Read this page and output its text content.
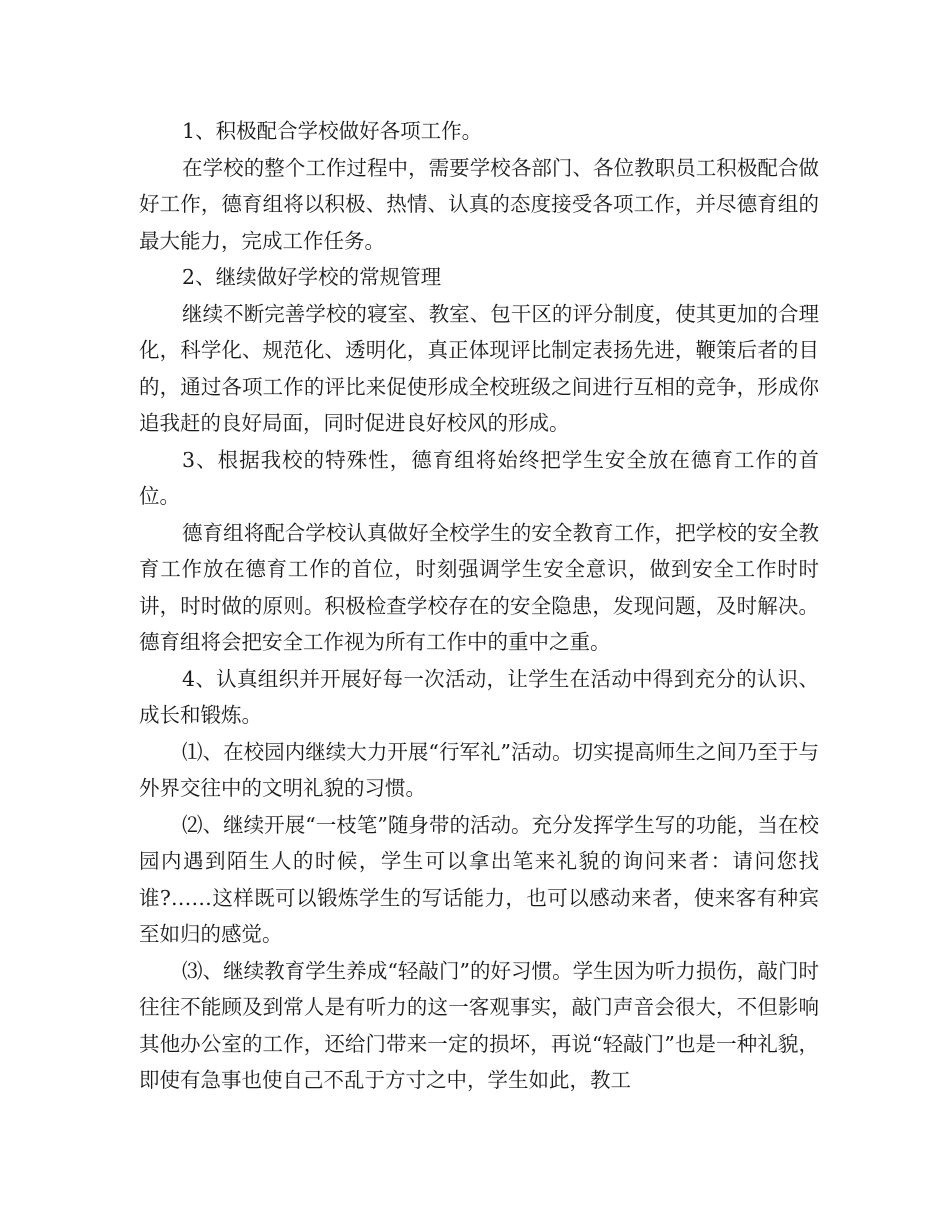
1、积极配合学校做好各项工作。

在学校的整个工作过程中，需要学校各部门、各位教职员工积极配合做好工作，德育组将以积极、热情、认真的态度接受各项工作，并尽德育组的最大能力，完成工作任务。

2、继续做好学校的常规管理

继续不断完善学校的寝室、教室、包干区的评分制度，使其更加的合理化，科学化、规范化、透明化，真正体现评比制定表扬先进，鞭策后者的目的，通过各项工作的评比来促使形成全校班级之间进行互相的竞争，形成你追我赶的良好局面，同时促进良好校风的形成。

3、根据我校的特殊性，德育组将始终把学生安全放在德育工作的首位。

德育组将配合学校认真做好全校学生的安全教育工作，把学校的安全教育工作放在德育工作的首位，时刻强调学生安全意识，做到安全工作时时讲，时时做的原则。积极检查学校存在的安全隐患，发现问题，及时解决。德育组将会把安全工作视为所有工作中的重中之重。

4、认真组织并开展好每一次活动，让学生在活动中得到充分的认识、成长和锻炼。

⑴、在校园内继续大力开展“行军礼”活动。切实提高师生之间乃至于与外界交往中的文明礼貌的习惯。

⑵、继续开展“一枝笔”随身带的活动。充分发挥学生写的功能，当在校园内遇到陌生人的时候，学生可以拿出笔来礼貌的询问来者：请问您找谁?……这样既可以锻炼学生的写话能力，也可以感动来者，使来客有种宾至如归的感觉。

⑶、继续教育学生养成“轻敲门”的好习惯。学生因为听力损伤，敲门时往往不能顾及到常人是有听力的这一客观事实，敲门声音会很大，不但影响其他办公室的工作，还给门带来一定的损坏，再说“轻敲门”也是一种礼貌，即使有急事也使自己不乱于方寸之中，学生如此，教工
